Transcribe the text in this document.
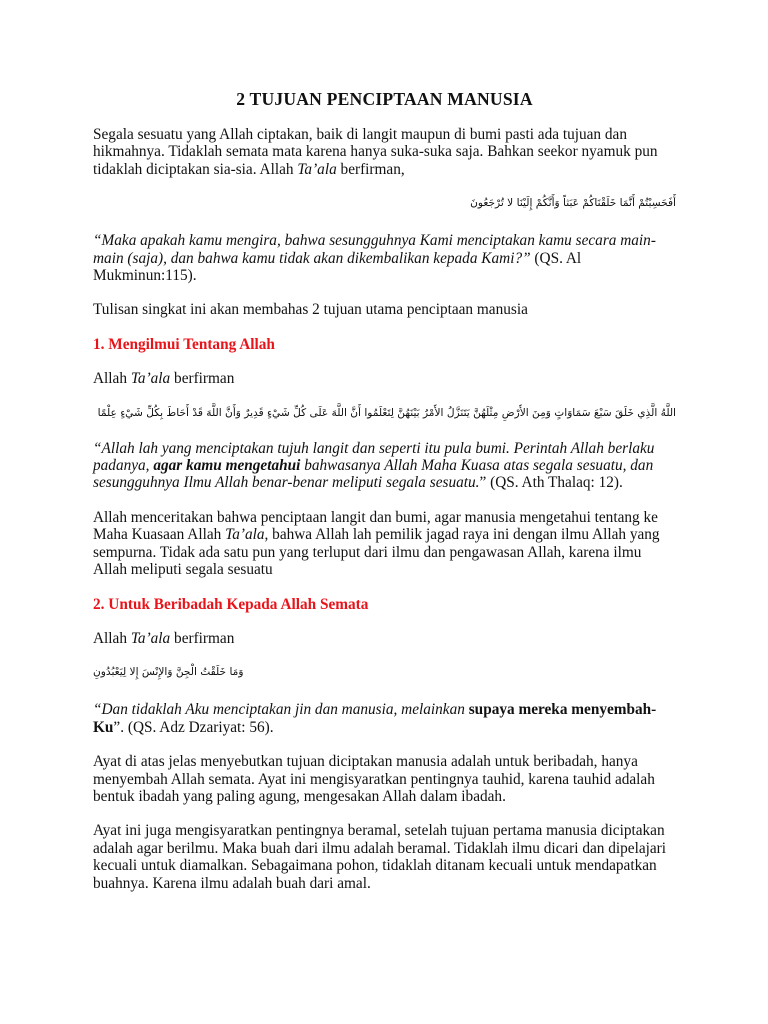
2 TUJUAN PENCIPTAAN MANUSIA

Segala sesuatu yang Allah ciptakan, baik di langit maupun di bumi pasti ada tujuan dan hikmahnya. Tidaklah semata mata karena hanya suka-suka saja. Bahkan seekor nyamuk pun tidaklah diciptakan sia-sia. Allah Ta’ala berfirman,

أَفَحَسِبْتُمْ أَنَّمَا خَلَقْنَاكُمْ عَبَثاً وَأَنَّكُمْ إِلَيْنَا لا تُرْجَعُونَ

“Maka apakah kamu mengira, bahwa sesungguhnya Kami menciptakan kamu secara main-main (saja), dan bahwa kamu tidak akan dikembalikan kepada Kami?” (QS. Al Mukminun:115).

Tulisan singkat ini akan membahas 2 tujuan utama penciptaan manusia

1. Mengilmui Tentang Allah

Allah Ta’ala berfirman

اللَّهُ الَّذِي خَلَقَ سَبْعَ سَمَاوَاتٍ وَمِنَ الأَرْضِ مِثْلَهُنَّ يَتَنَزَّلُ الأَمْرُ بَيْنَهُنَّ لِتَعْلَمُوا أَنَّ اللَّهَ عَلَى كُلِّ شَيْءٍ قَدِيرٌ وَأَنَّ اللَّهَ قَدْ أَحَاطَ بِكُلِّ شَيْءٍ عِلْمًا

“Allah lah yang menciptakan tujuh langit dan seperti itu pula bumi. Perintah Allah berlaku padanya, agar kamu mengetahui bahwasanya Allah Maha Kuasa atas segala sesuatu, dan sesungguhnya Ilmu Allah benar-benar meliputi segala sesuatu.” (QS. Ath Thalaq: 12).

Allah menceritakan bahwa penciptaan langit dan bumi, agar manusia mengetahui tentang ke Maha Kuasaan Allah Ta’ala, bahwa Allah lah pemilik jagad raya ini dengan ilmu Allah yang sempurna. Tidak ada satu pun yang terluput dari ilmu dan pengawasan Allah, karena ilmu Allah meliputi segala sesuatu

2. Untuk Beribadah Kepada Allah Semata

Allah Ta’ala berfirman

وَمَا خَلَقْتُ الْجِنَّ وَالإِنْسَ إِلا لِيَعْبُدُونِ

“Dan tidaklah Aku menciptakan jin dan manusia, melainkan supaya mereka menyembah-Ku”. (QS. Adz Dzariyat: 56).

Ayat di atas jelas menyebutkan tujuan diciptakan manusia adalah untuk beribadah, hanya menyembah Allah semata. Ayat ini mengisyaratkan pentingnya tauhid, karena tauhid adalah bentuk ibadah yang paling agung, mengesakan Allah dalam ibadah.

Ayat ini juga mengisyaratkan pentingnya beramal, setelah tujuan pertama manusia diciptakan adalah agar berilmu. Maka buah dari ilmu adalah beramal. Tidaklah ilmu dicari dan dipelajari kecuali untuk diamalkan. Sebagaimana pohon, tidaklah ditanam kecuali untuk mendapatkan buahnya. Karena ilmu adalah buah dari amal.
